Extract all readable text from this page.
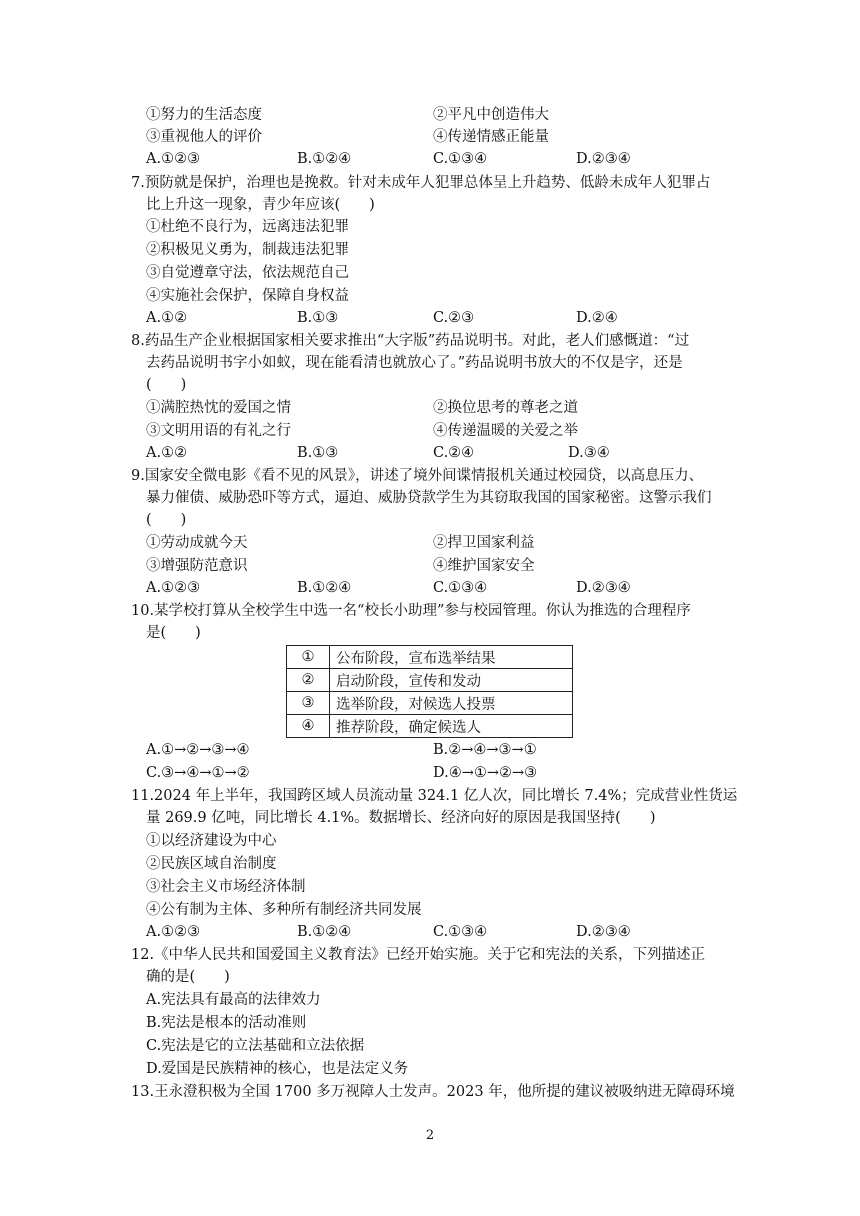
①努力的生活态度	②平凡中创造伟大
③重视他人的评价	④传递情感正能量
A.①②③	B.①②④	C.①③④	D.②③④
7.预防就是保护，治理也是挽救。针对未成年人犯罪总体呈上升趋势、低龄未成年人犯罪占
比上升这一现象，青少年应该(　　)
①杜绝不良行为，远离违法犯罪
②积极见义勇为，制裁违法犯罪
③自觉遵章守法，依法规范自己
④实施社会保护，保障自身权益
A.①②	B.①③	C.②③	D.②④
8.药品生产企业根据国家相关要求推出“大字版”药品说明书。对此，老人们感慨道：“过
去药品说明书字小如蚁，现在能看清也就放心了。”药品说明书放大的不仅是字，还是
(　　)
①满腔热忱的爱国之情	②换位思考的尊老之道
③文明用语的有礼之行	④传递温暖的关爱之举
A.①②	B.①③	C.②④	D.③④
9.国家安全微电影《看不见的风景》，讲述了境外间谍情报机关通过校园贷，以高息压力、
暴力催债、威胁恐吓等方式，逼迫、威胁贷款学生为其窃取我国的国家秘密。这警示我们
(　　)
①劳动成就今天	②捍卫国家利益
③增强防范意识	④维护国家安全
A.①②③	B.①②④	C.①③④	D.②③④
10.某学校打算从全校学生中选一名“校长小助理”参与校园管理。你认为推选的合理程序
是(　　)
①	公布阶段，宣布选举结果
②	启动阶段，宣传和发动
③	选举阶段，对候选人投票
④	推荐阶段，确定候选人
A.①→②→③→④	B.②→④→③→①
C.③→④→①→②	D.④→①→②→③
11.2024 年上半年，我国跨区域人员流动量 324.1 亿人次，同比增长 7.4%；完成营业性货运
量 269.9 亿吨，同比增长 4.1%。数据增长、经济向好的原因是我国坚持(　　)
①以经济建设为中心
②民族区域自治制度
③社会主义市场经济体制
④公有制为主体、多种所有制经济共同发展
A.①②③	B.①②④	C.①③④	D.②③④
12.《中华人民共和国爱国主义教育法》已经开始实施。关于它和宪法的关系，下列描述正
确的是(　　)
A.宪法具有最高的法律效力
B.宪法是根本的活动准则
C.宪法是它的立法基础和立法依据
D.爱国是民族精神的核心，也是法定义务
13.王永澄积极为全国 1700 多万视障人士发声。2023 年，他所提的建议被吸纳进无障碍环境
2
